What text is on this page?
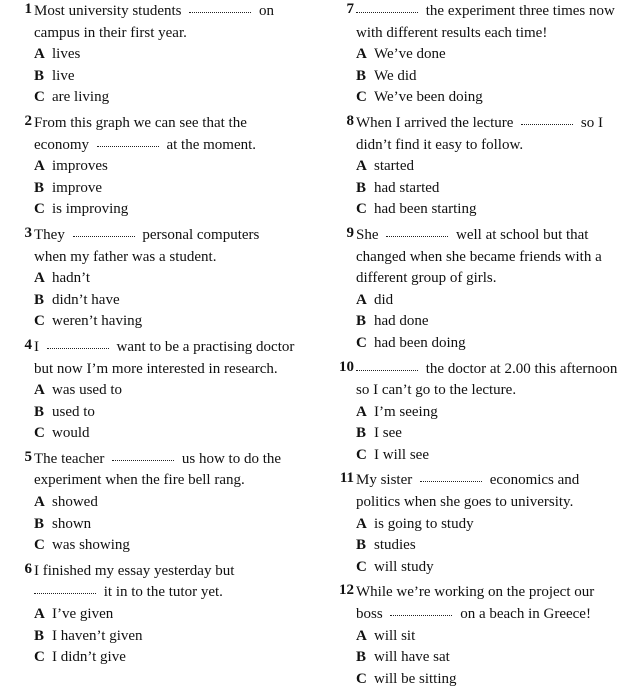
1 Most university students	on campus in their first year.
A lives
B live
C are living
2 From this graph we can see that the economy	at the moment.
A improves
B improve
C is improving
3 They	personal computers when my father was a student.
A hadn’t
B didn’t have
C weren’t having
4 I	want to be a practising doctor but now I’m more interested in research.
A was used to
B used to
C would
5 The teacher	us how to do the experiment when the fire bell rang.
A showed
B shown
C was showing
6 I finished my essay yesterday but  it in to the tutor yet.
A I’ve given
B I haven’t given
C I didn’t give
7	the experiment three times now with different results each time!
A We’ve done
B We did
C We’ve been doing
8 When I arrived the lecture	so I didn’t find it easy to follow.
A started
B had started
C had been starting
9 She	well at school but that changed when she became friends with a different group of girls.
A did
B had done
C had been doing
10	the doctor at 2.00 this afternoon so I can’t go to the lecture.
A I’m seeing
B I see
C I will see
11 My sister	economics and politics when she goes to university.
A is going to study
B studies
C will study
12 While we’re working on the project our boss	on a beach in Greece!
A will sit
B will have sat
C will be sitting
